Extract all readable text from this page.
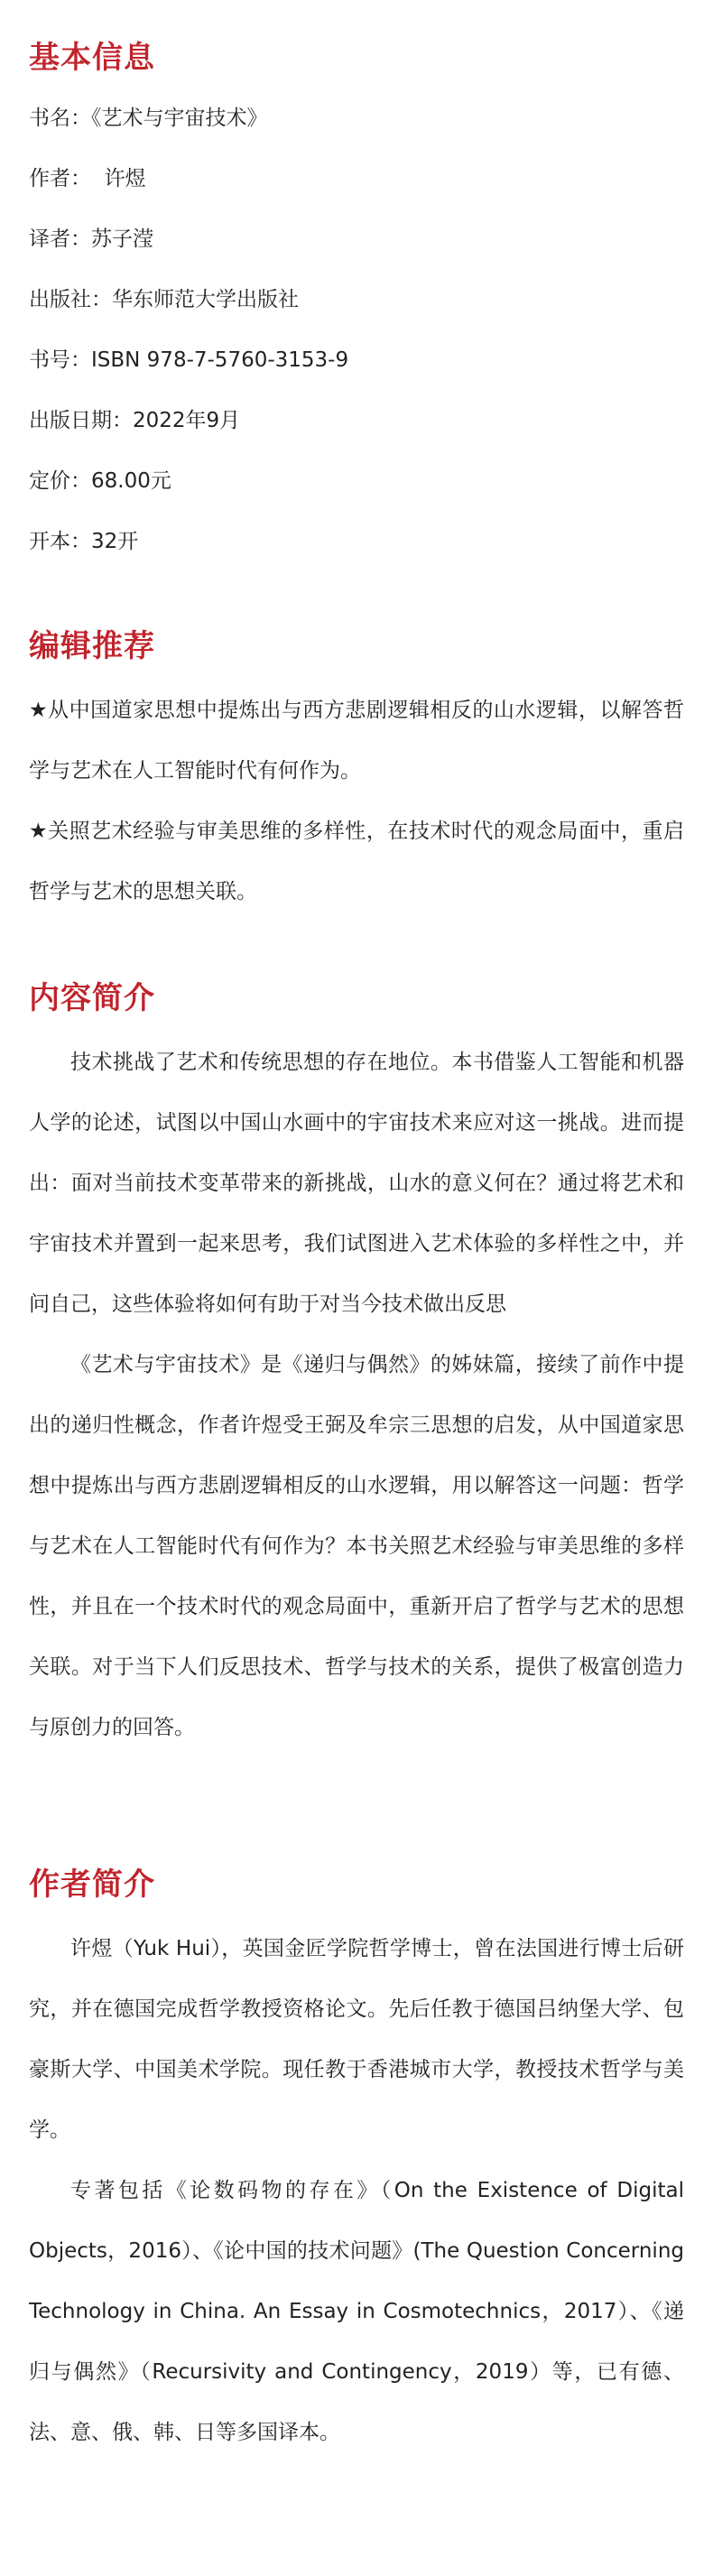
基本信息

书名：《艺术与宇宙技术》

作者：  许煜

译者：苏子滢

出版社：华东师范大学出版社

书号：ISBN 978-7-5760-3153-9

出版日期：2022年9月

定价：68.00元

开本：32开

编辑推荐

★从中国道家思想中提炼出与西方悲剧逻辑相反的山水逻辑，以解答哲学与艺术在人工智能时代有何作为。

★关照艺术经验与审美思维的多样性，在技术时代的观念局面中，重启哲学与艺术的思想关联。

内容简介

技术挑战了艺术和传统思想的存在地位。本书借鉴人工智能和机器人学的论述，试图以中国山水画中的宇宙技术来应对这一挑战。进而提出：面对当前技术变革带来的新挑战，山水的意义何在？通过将艺术和宇宙技术并置到一起来思考，我们试图进入艺术体验的多样性之中，并问自己，这些体验将如何有助于对当今技术做出反思

《艺术与宇宙技术》是《递归与偶然》的姊妹篇，接续了前作中提出的递归性概念，作者许煜受王弼及牟宗三思想的启发，从中国道家思想中提炼出与西方悲剧逻辑相反的山水逻辑，用以解答这一问题：哲学与艺术在人工智能时代有何作为？本书关照艺术经验与审美思维的多样性，并且在一个技术时代的观念局面中，重新开启了哲学与艺术的思想关联。对于当下人们反思技术、哲学与技术的关系，提供了极富创造力与原创力的回答。

作者简介

许煜（Yuk Hui），英国金匠学院哲学博士，曾在法国进行博士后研究，并在德国完成哲学教授资格论文。先后任教于德国吕纳堡大学、包豪斯大学、中国美术学院。现任教于香港城市大学，教授技术哲学与美学。

专著包括《论数码物的存在》（On the Existence of Digital Objects，2016）、《论中国的技术问题》(The Question Concerning Technology in China. An Essay in Cosmotechnics，2017）、《递归与偶然》（Recursivity and Contingency，2019）等，已有德、法、意、俄、韩、日等多国译本。
